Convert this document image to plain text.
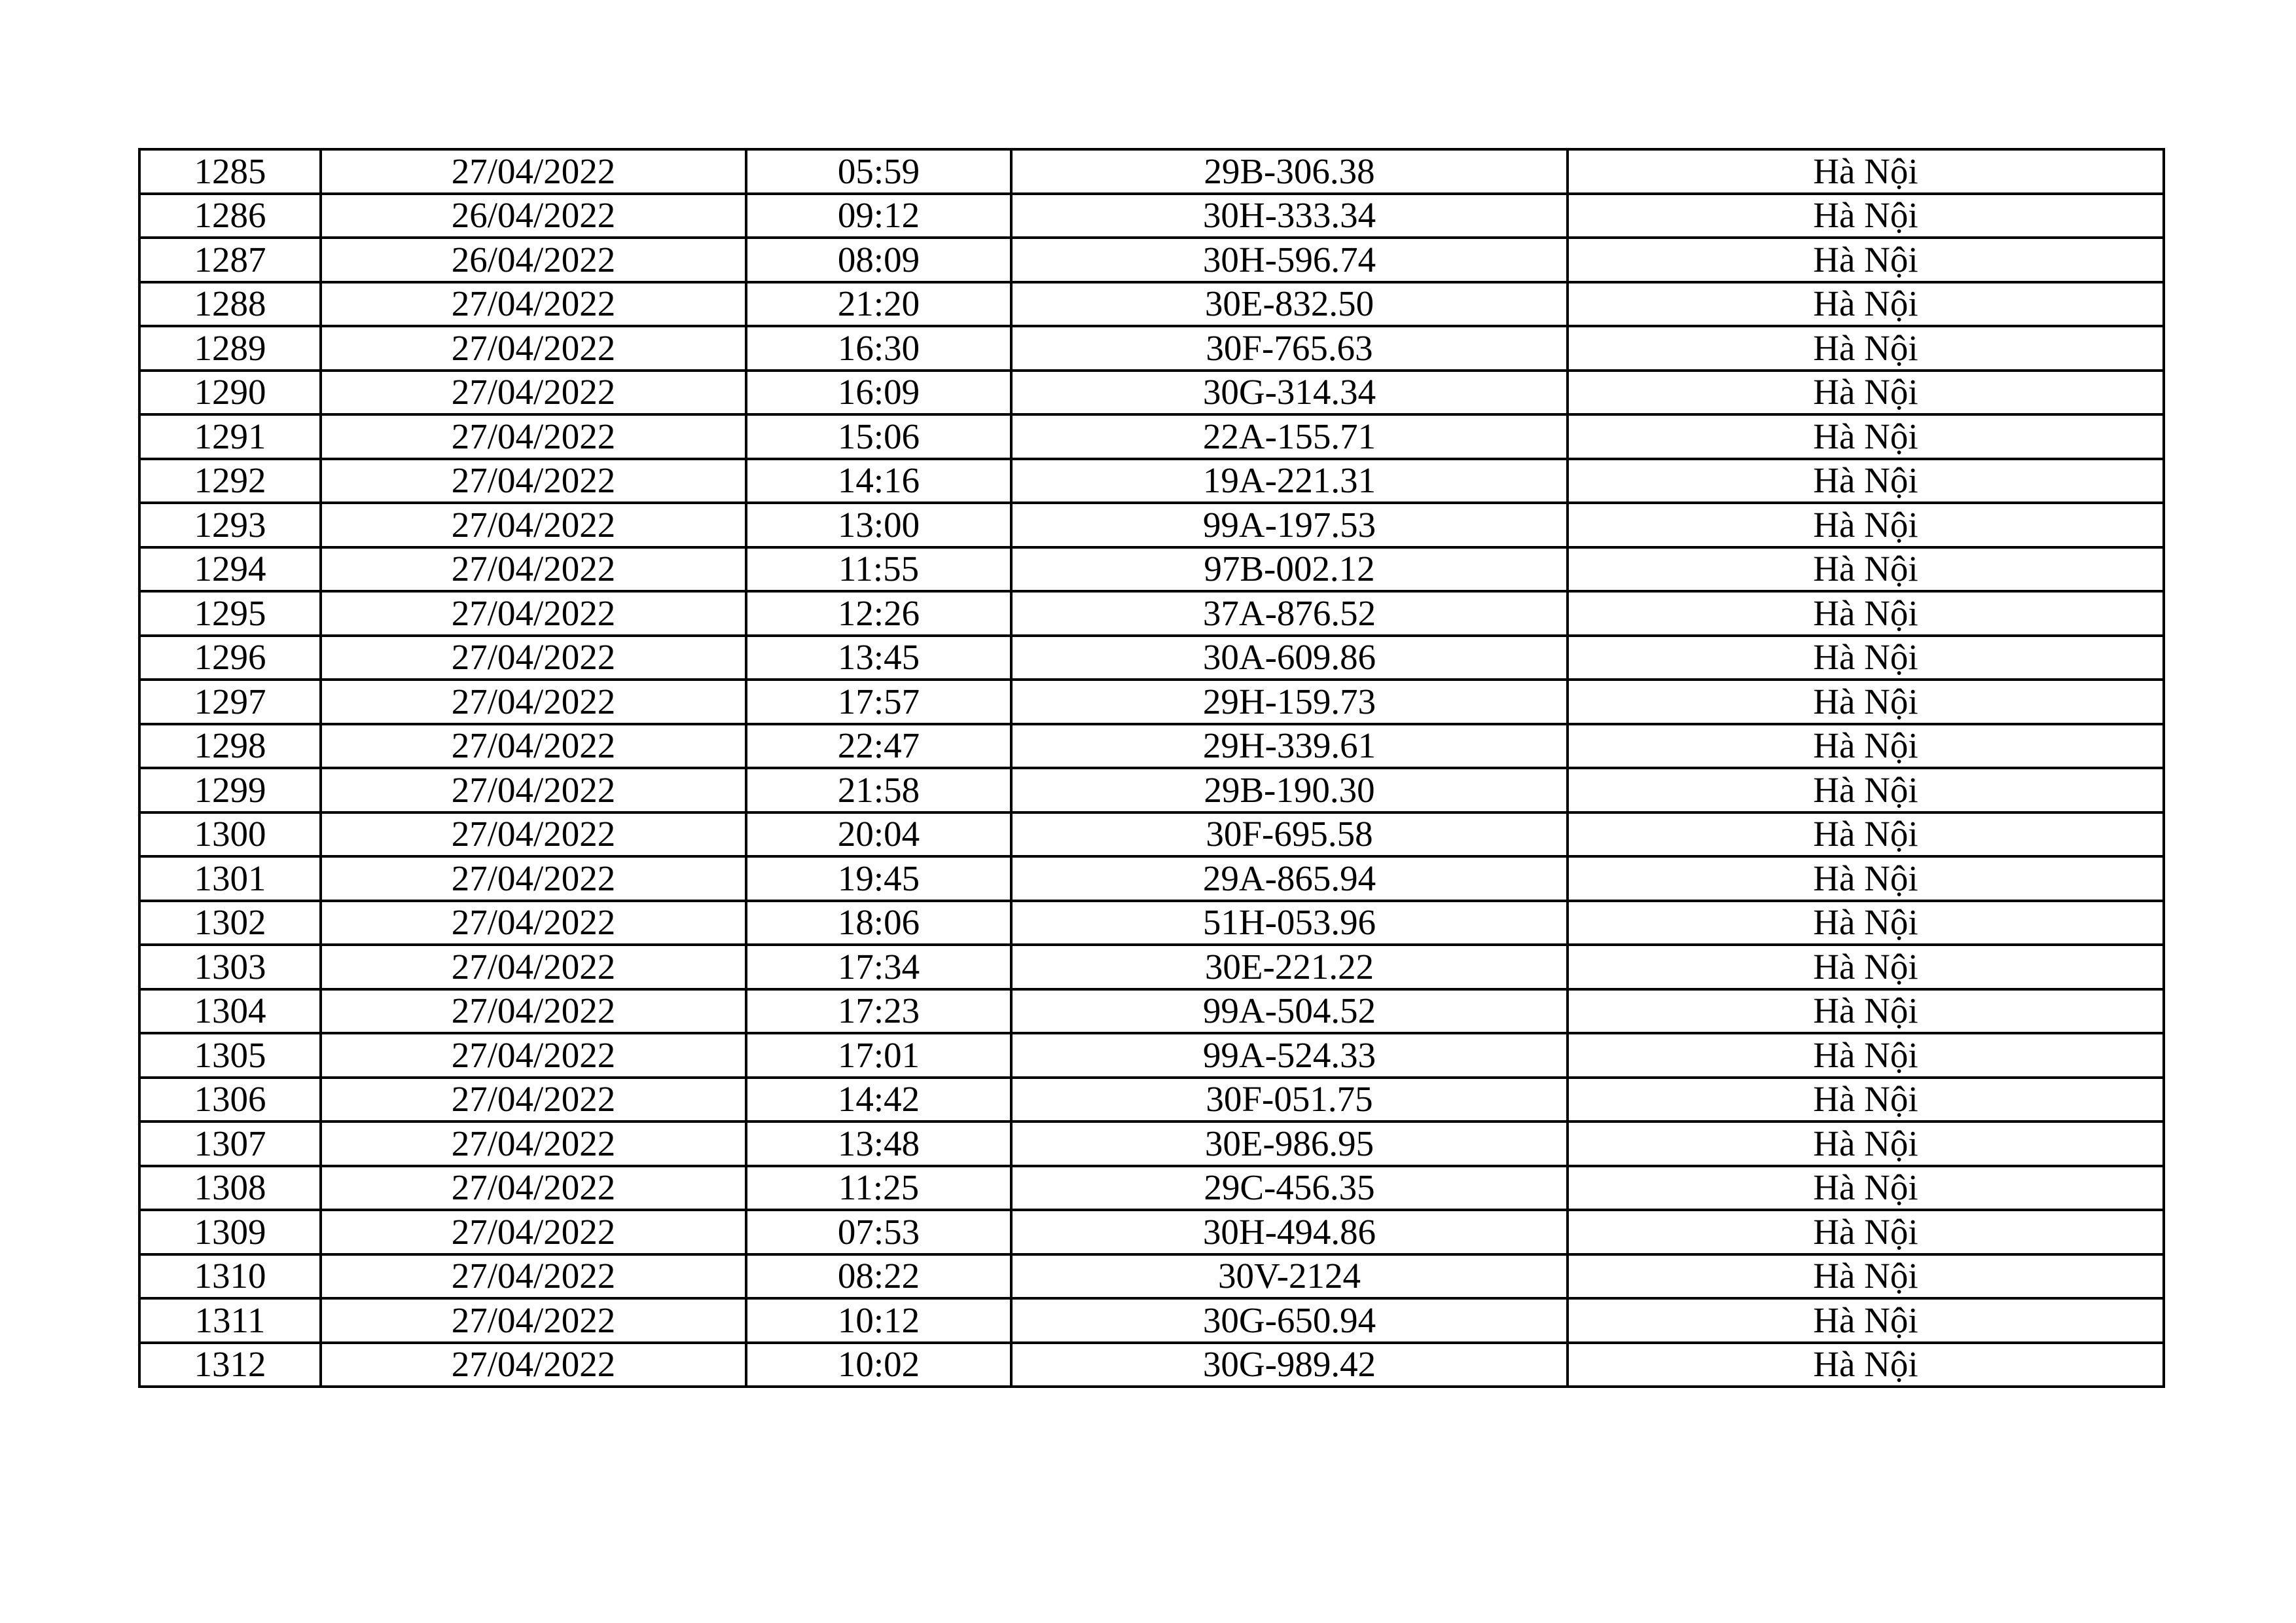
1285	27/04/2022	05:59	29B-306.38	Hà Nội
1286	26/04/2022	09:12	30H-333.34	Hà Nội
1287	26/04/2022	08:09	30H-596.74	Hà Nội
1288	27/04/2022	21:20	30E-832.50	Hà Nội
1289	27/04/2022	16:30	30F-765.63	Hà Nội
1290	27/04/2022	16:09	30G-314.34	Hà Nội
1291	27/04/2022	15:06	22A-155.71	Hà Nội
1292	27/04/2022	14:16	19A-221.31	Hà Nội
1293	27/04/2022	13:00	99A-197.53	Hà Nội
1294	27/04/2022	11:55	97B-002.12	Hà Nội
1295	27/04/2022	12:26	37A-876.52	Hà Nội
1296	27/04/2022	13:45	30A-609.86	Hà Nội
1297	27/04/2022	17:57	29H-159.73	Hà Nội
1298	27/04/2022	22:47	29H-339.61	Hà Nội
1299	27/04/2022	21:58	29B-190.30	Hà Nội
1300	27/04/2022	20:04	30F-695.58	Hà Nội
1301	27/04/2022	19:45	29A-865.94	Hà Nội
1302	27/04/2022	18:06	51H-053.96	Hà Nội
1303	27/04/2022	17:34	30E-221.22	Hà Nội
1304	27/04/2022	17:23	99A-504.52	Hà Nội
1305	27/04/2022	17:01	99A-524.33	Hà Nội
1306	27/04/2022	14:42	30F-051.75	Hà Nội
1307	27/04/2022	13:48	30E-986.95	Hà Nội
1308	27/04/2022	11:25	29C-456.35	Hà Nội
1309	27/04/2022	07:53	30H-494.86	Hà Nội
1310	27/04/2022	08:22	30V-2124	Hà Nội
1311	27/04/2022	10:12	30G-650.94	Hà Nội
1312	27/04/2022	10:02	30G-989.42	Hà Nội
